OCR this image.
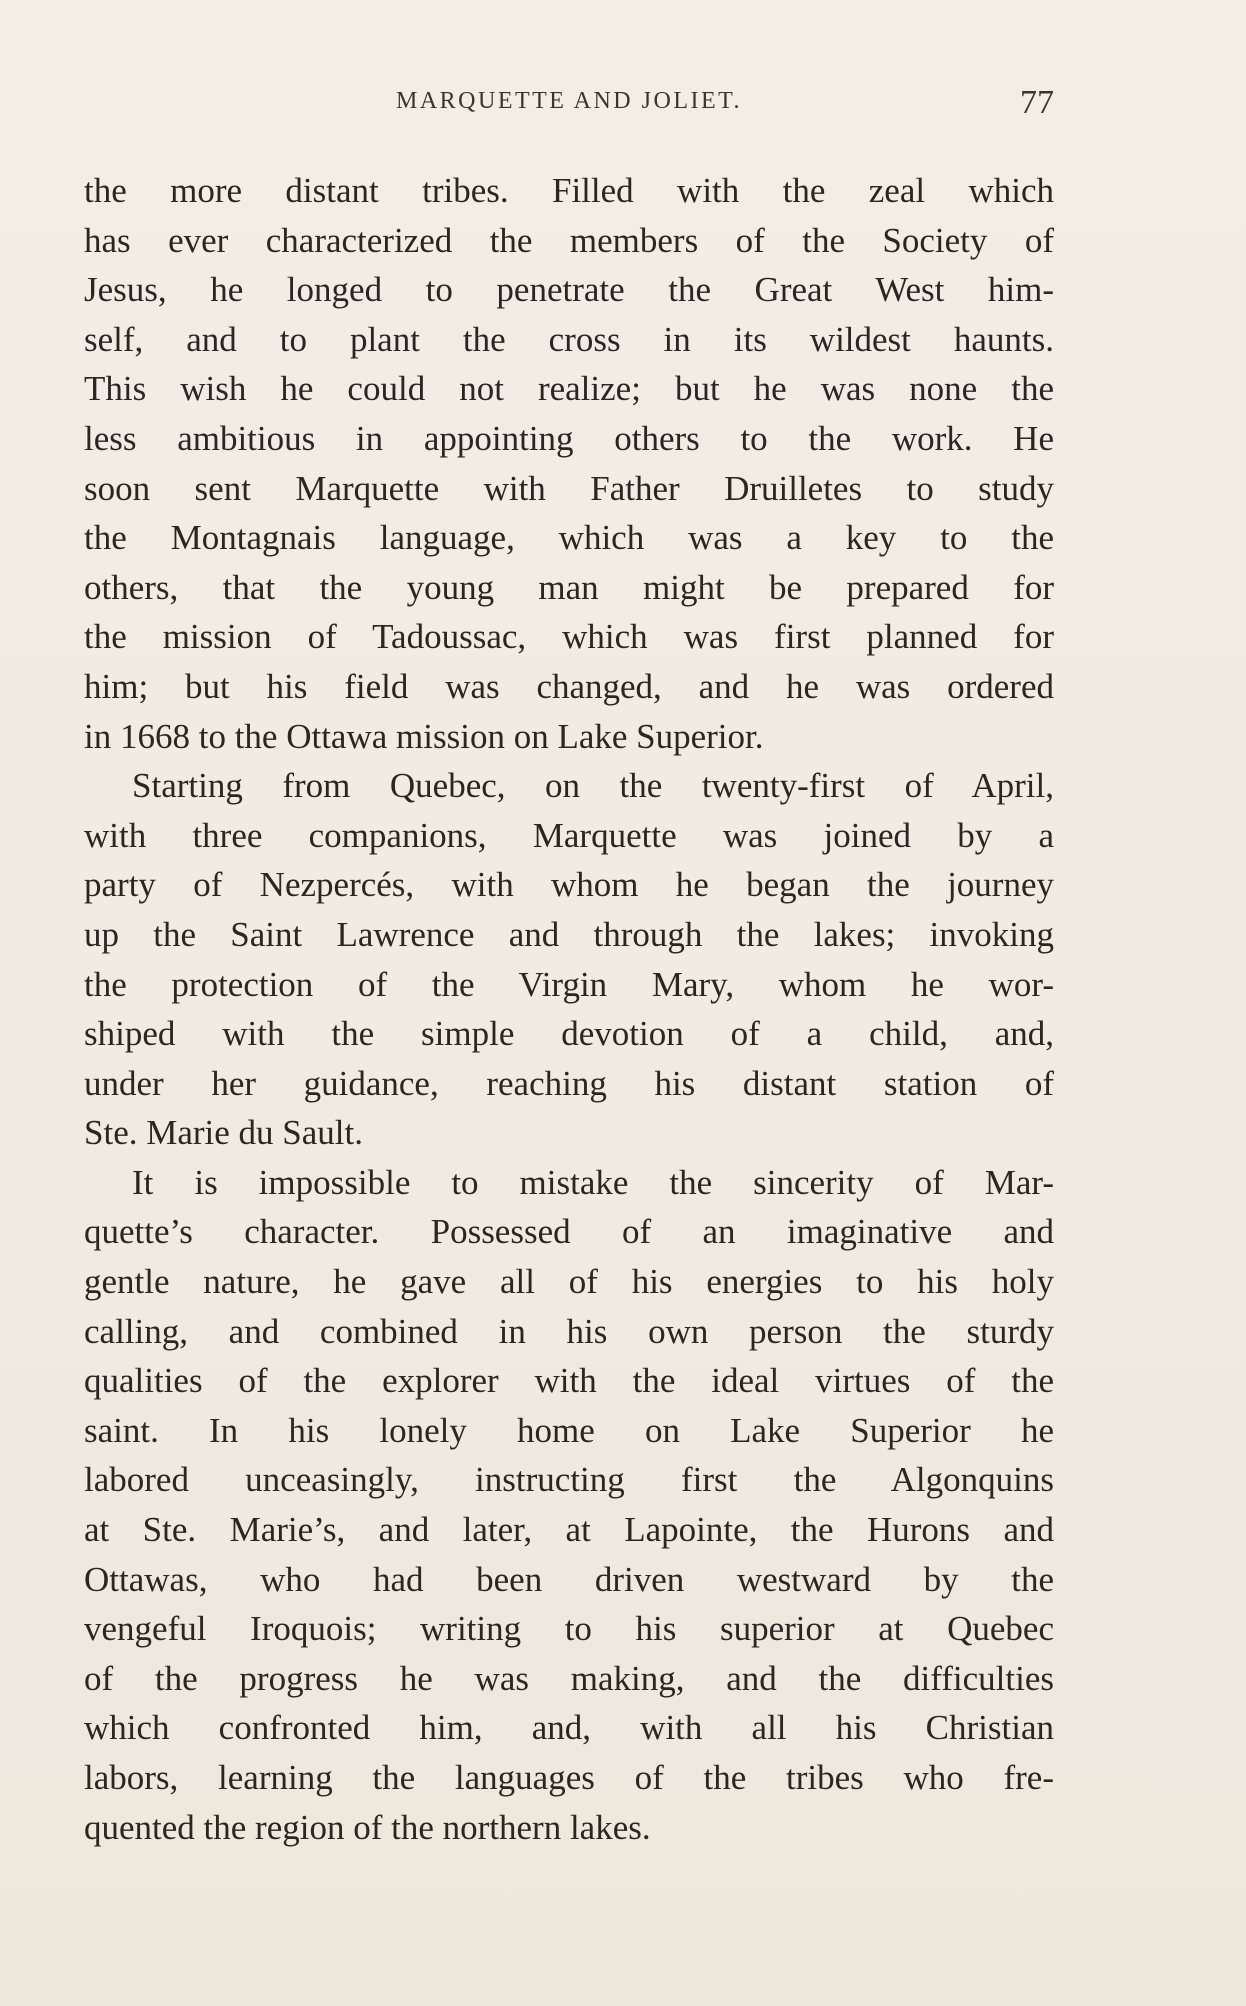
MARQUETTE AND JOLIET.	77
the more distant tribes. Filled with the zeal which
has ever characterized the members of the Society of
Jesus, he longed to penetrate the Great West him-
self, and to plant the cross in its wildest haunts.
This wish he could not realize; but he was none the
less ambitious in appointing others to the work. He
soon sent Marquette with Father Druilletes to study
the Montagnais language, which was a key to the
others, that the young man might be prepared for
the mission of Tadoussac, which was first planned for
him; but his field was changed, and he was ordered
in 1668 to the Ottawa mission on Lake Superior.
Starting from Quebec, on the twenty-first of April,
with three companions, Marquette was joined by a
party of Nezpercés, with whom he began the journey
up the Saint Lawrence and through the lakes; invoking
the protection of the Virgin Mary, whom he wor-
shiped with the simple devotion of a child, and,
under her guidance, reaching his distant station of
Ste. Marie du Sault.
It is impossible to mistake the sincerity of Mar-
quette’s character. Possessed of an imaginative and
gentle nature, he gave all of his energies to his holy
calling, and combined in his own person the sturdy
qualities of the explorer with the ideal virtues of the
saint. In his lonely home on Lake Superior he
labored unceasingly, instructing first the Algonquins
at Ste. Marie’s, and later, at Lapointe, the Hurons and
Ottawas, who had been driven westward by the
vengeful Iroquois; writing to his superior at Quebec
of the progress he was making, and the difficulties
which confronted him, and, with all his Christian
labors, learning the languages of the tribes who fre-
quented the region of the northern lakes.
